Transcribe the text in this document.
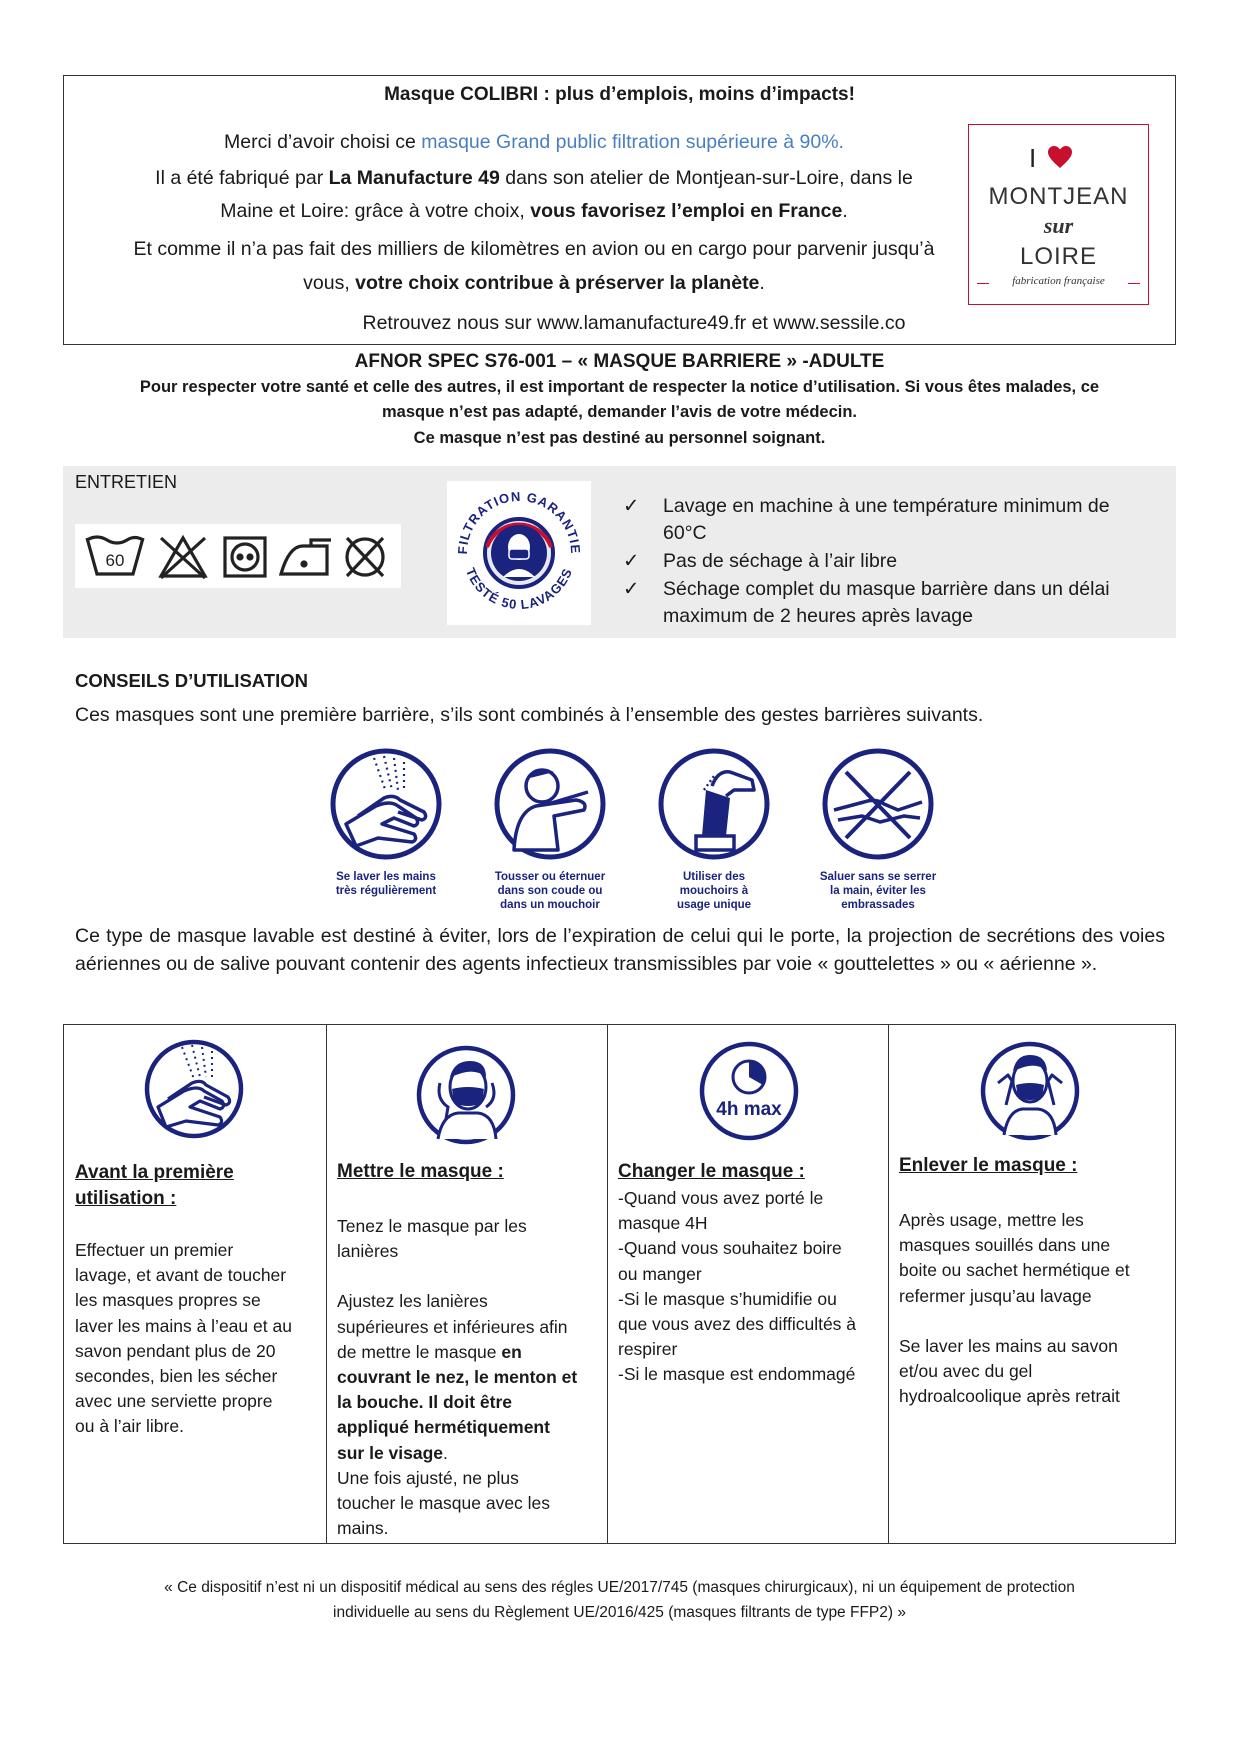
Masque COLIBRI : plus d’emplois, moins d’impacts!
Merci d’avoir choisi ce masque Grand public filtration supérieure à 90%.
Il a été fabriqué par La Manufacture 49 dans son atelier de Montjean-sur-Loire, dans le
Maine et Loire: grâce à votre choix, vous favorisez l’emploi en France.
Et comme il n’a pas fait des milliers de kilomètres en avion ou en cargo pour parvenir jusqu’à
vous, votre choix contribue à préserver la planète.
Retrouvez nous sur www.lamanufacture49.fr et www.sessile.co
I
MONTJEAN
sur
LOIRE
fabrication française
AFNOR SPEC S76-001 – « MASQUE BARRIERE » -ADULTE
Pour respecter votre santé et celle des autres, il est important de respecter la notice d’utilisation. Si vous êtes malades, ce
masque n’est pas adapté, demander l’avis de votre médecin.
Ce masque n’est pas destiné au personnel soignant.
ENTRETIEN
60
FILTRATION GARANTIE
TESTÉ 50 LAVAGES
✓ Lavage en machine à une température minimum de 60°C
✓ Pas de séchage à l’air libre
✓ Séchage complet du masque barrière dans un délai maximum de 2 heures après lavage
CONSEILS D’UTILISATION
Ces masques sont une première barrière, s’ils sont combinés à l’ensemble des gestes barrières suivants.
Se laver les mains
très régulièrement
Tousser ou éternuer
dans son coude ou
dans un mouchoir
Utiliser des
mouchoirs à
usage unique
Saluer sans se serrer
la main, éviter les
embrassades
Ce type de masque lavable est destiné à éviter, lors de l’expiration de celui qui le porte, la projection de secrétions des voies aériennes ou de salive pouvant contenir des agents infectieux transmissibles par voie « gouttelettes » ou « aérienne ».
Avant la première
utilisation :

Effectuer un premier

lavage, et avant de toucher

les masques propres se

laver les mains à l’eau et au

savon pendant plus de 20

secondes, bien les sécher

avec une serviette propre

ou à l’air libre.

Mettre le masque :

Tenez le masque par les

lanières

Ajustez les lanières

supérieures et inférieures afin

de mettre le masque en

couvrant le nez, le menton et

la bouche. Il doit être

appliqué hermétiquement

sur le visage.

Une fois ajusté, ne plus

toucher le masque avec les

mains.

4h max
Changer le masque :

-Quand vous avez porté le

masque 4H

-Quand vous souhaitez boire

ou manger

-Si le masque s’humidifie ou

que vous avez des difficultés à

respirer

-Si le masque est endommagé

Enlever le masque :

Après usage, mettre les

masques souillés dans une

boite ou sachet hermétique et

refermer jusqu’au lavage

Se laver les mains au savon

et/ou avec du gel

hydroalcoolique après retrait

« Ce dispositif n’est ni un dispositif médical au sens des régles UE/2017/745 (masques chirurgicaux), ni un équipement de protection
individuelle au sens du Règlement UE/2016/425 (masques filtrants de type FFP2) »
